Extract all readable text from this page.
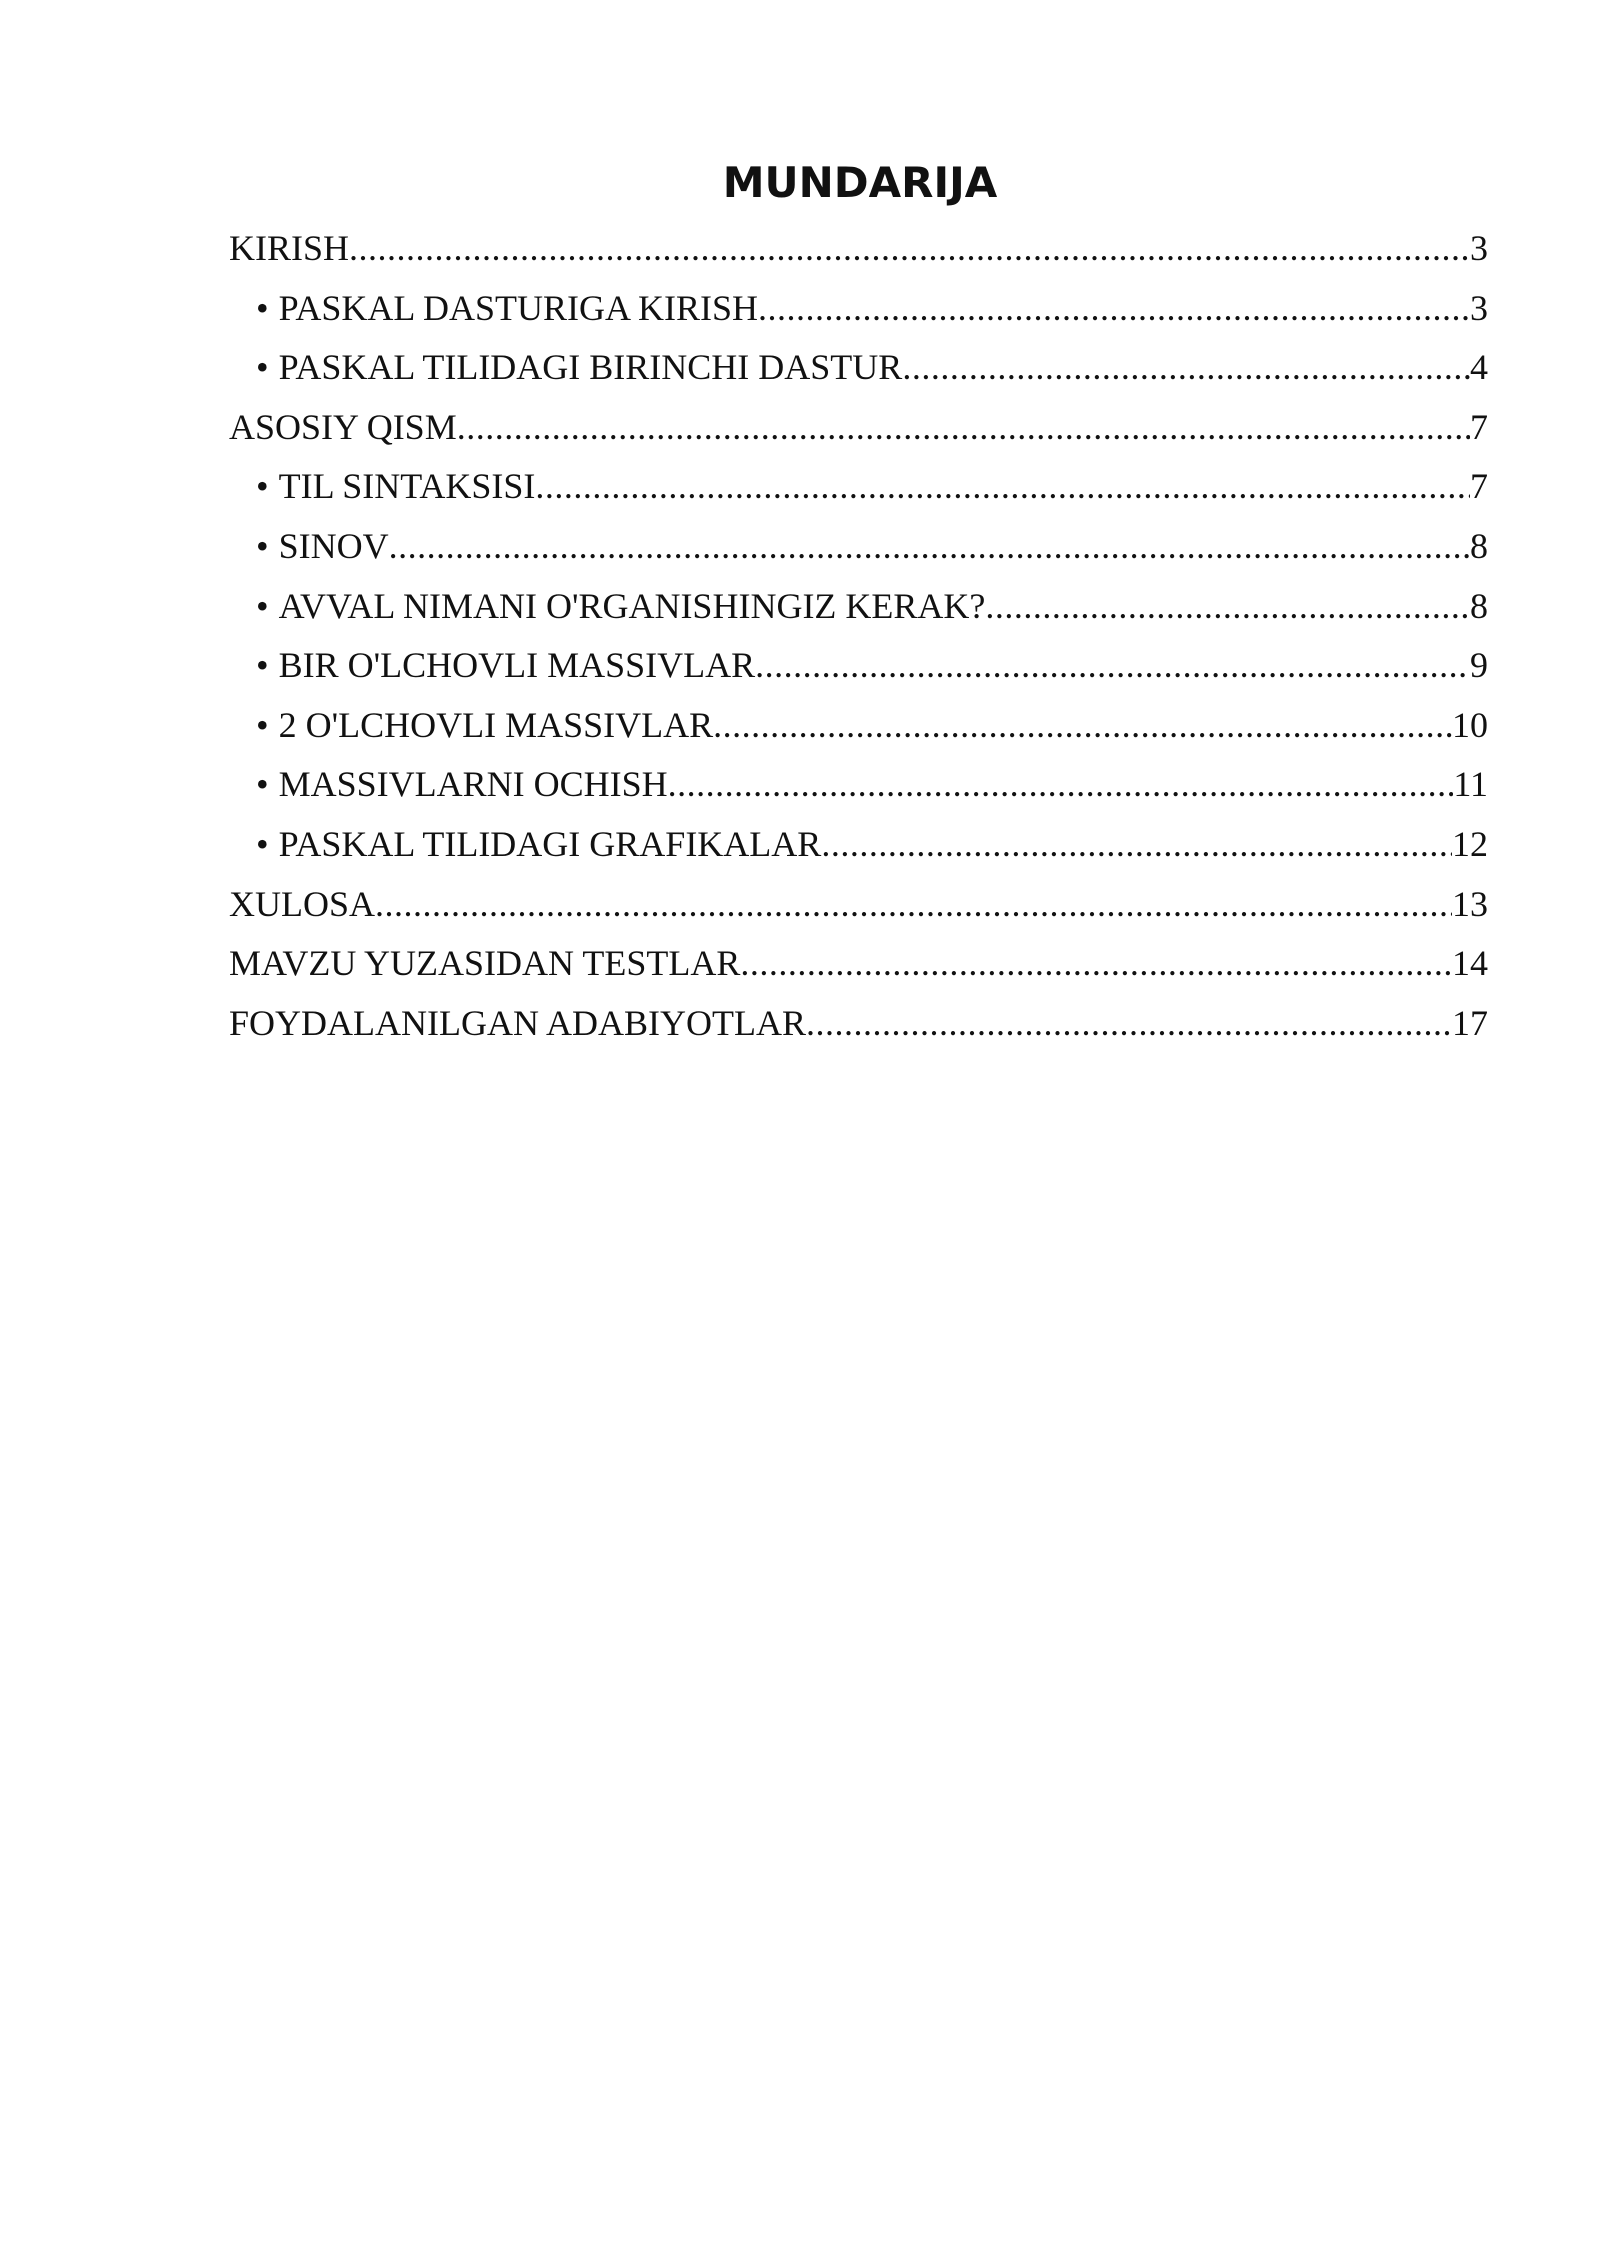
MUNDARIJA
KIRISH .....	3
• PASKAL DASTURIGA KIRISH .....	3
• PASKAL TILIDAGI BIRINCHI DASTUR .....	4
ASOSIY QISM .....	7
• TIL SINTAKSISI .....	7
• SINOV .....	8
• AVVAL NIMANI O'RGANISHINGIZ KERAK? .....	8
• BIR O'LCHOVLI MASSIVLAR .....	9
• 2 O'LCHOVLI MASSIVLAR .....	10
• MASSIVLARNI OCHISH .....	11
• PASKAL TILIDAGI GRAFIKALAR .....	12
XULOSA .....	13
MAVZU YUZASIDAN TESTLAR .....	14
FOYDALANILGAN ADABIYOTLAR .....	17
